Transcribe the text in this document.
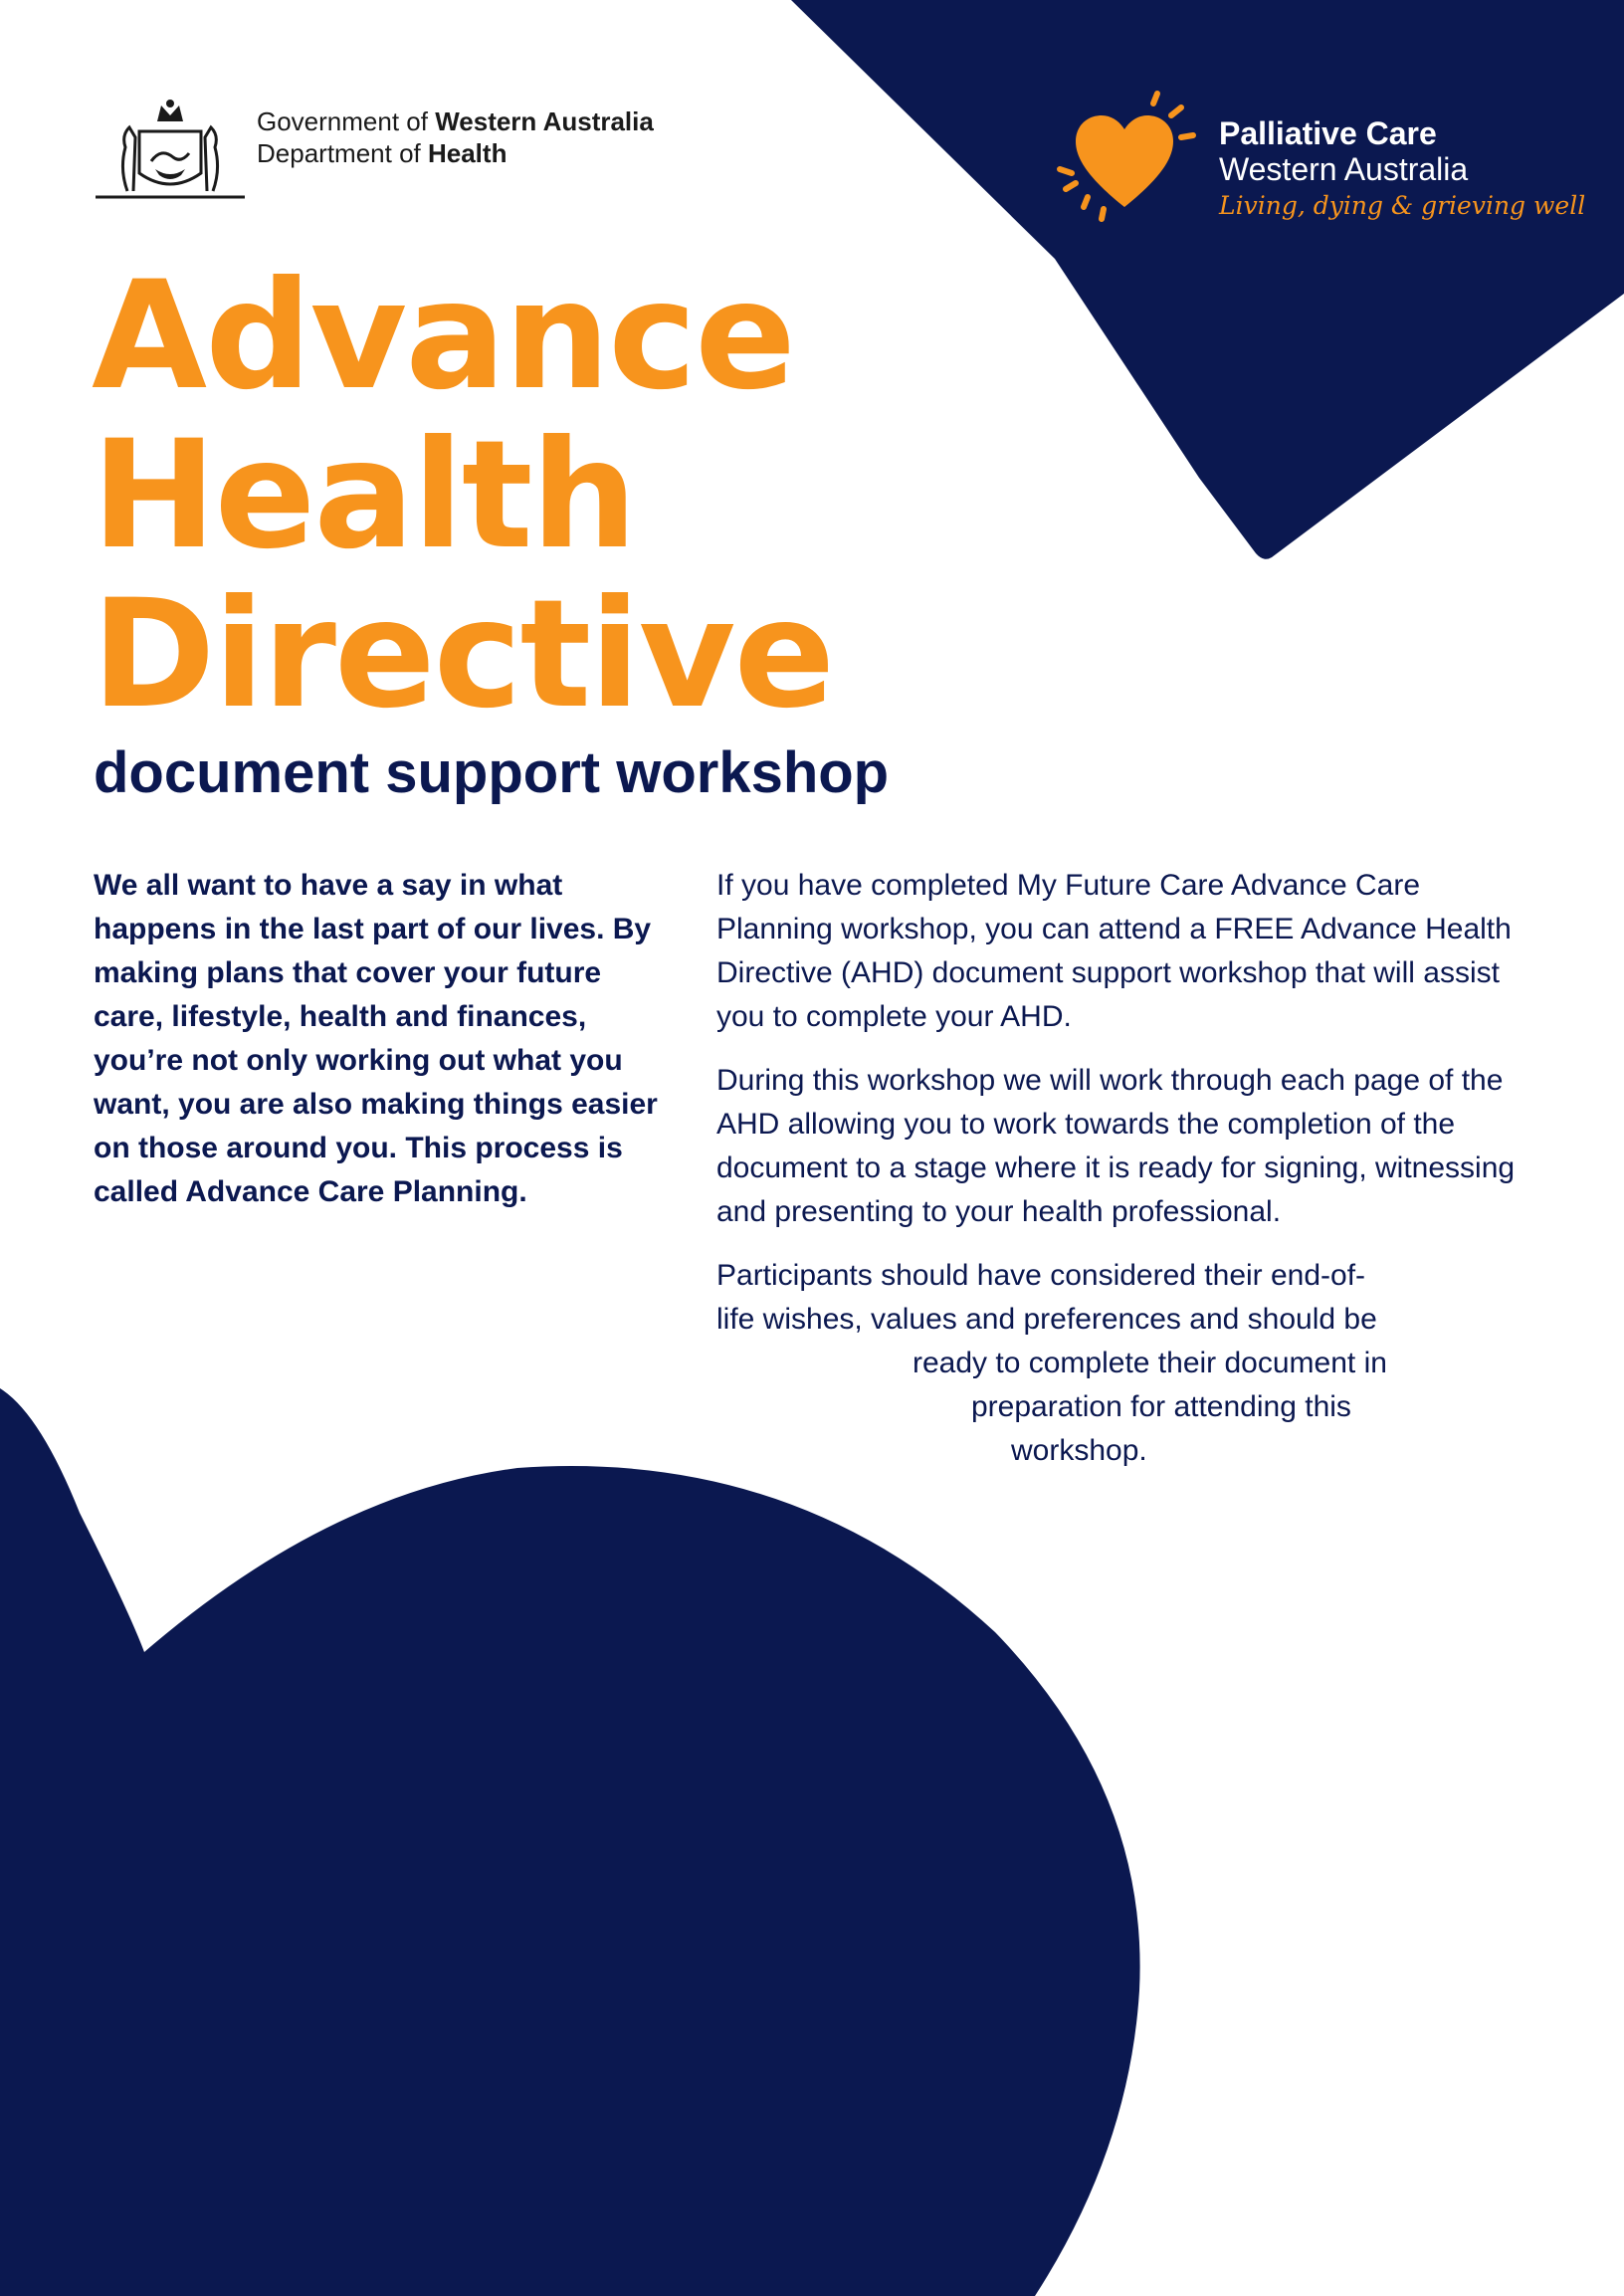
Government of Western Australia
Department of Health
Palliative Care
Western Australia
Living, dying & grieving well
Advance
Health
Directive
document support workshop

We all want to have a say in what happens in the last part of our lives. By making plans that cover your future care, lifestyle, health and finances, you’re not only working out what you want, you are also making things easier on those around you. This process is called Advance Care Planning.

If you have completed My Future Care Advance Care Planning workshop, you can attend a FREE Advance Health Directive (AHD) document support workshop that will assist you to complete your AHD.

During this workshop we will work through each page of the AHD allowing you to work towards the completion of the document to a stage where it is ready for signing, witnessing and presenting to your health professional.

Participants should have considered their end-of-
life wishes, values and preferences and should be
ready to complete their document in
preparation for attending this
workshop.
